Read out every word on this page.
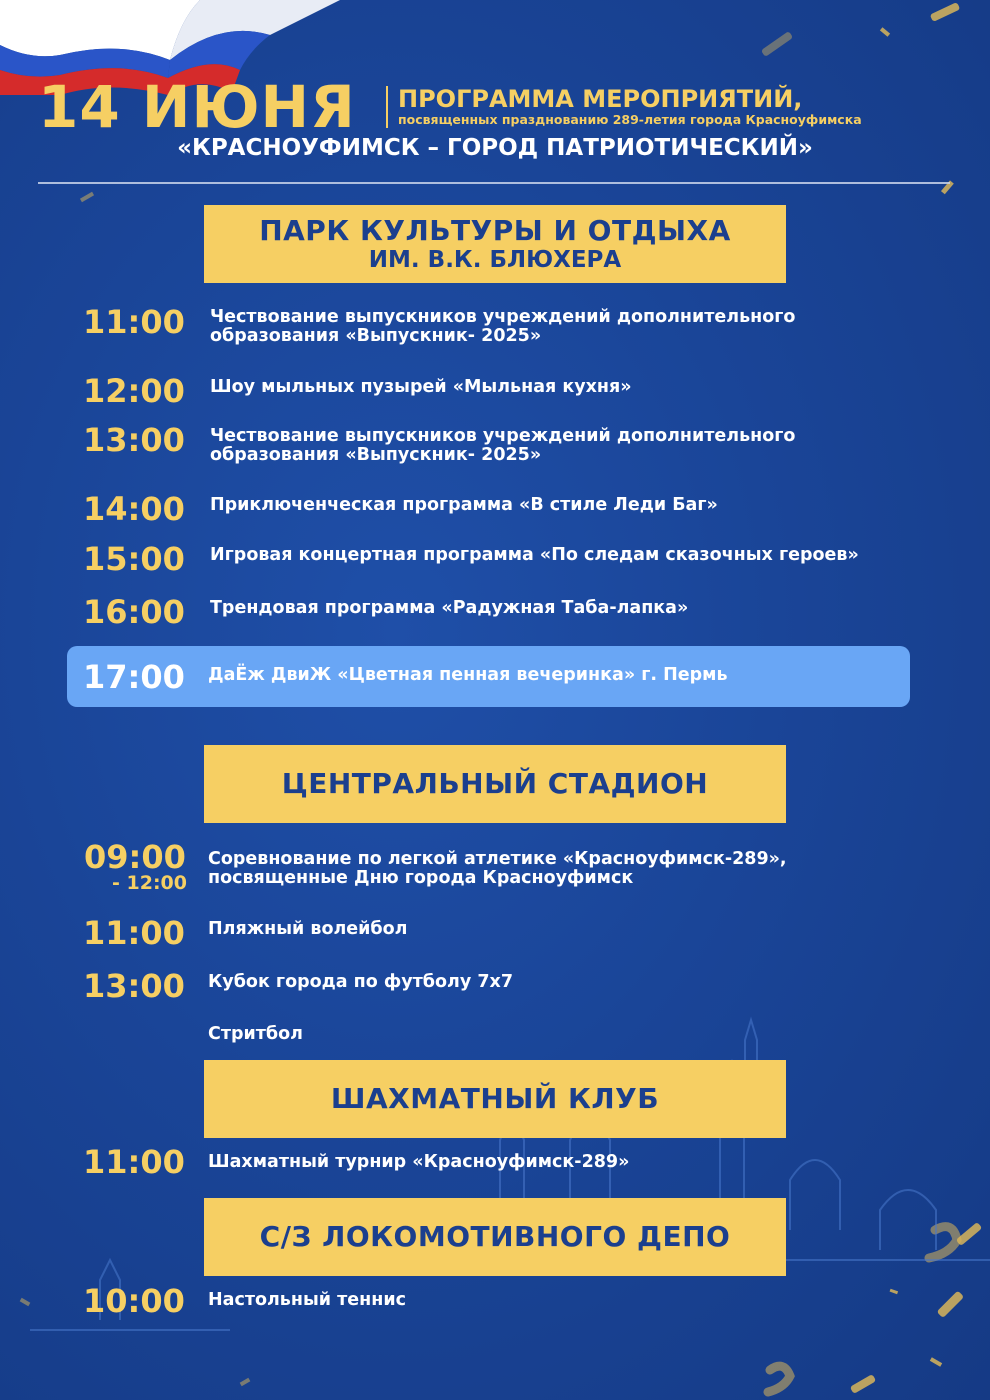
14 ИЮНЯ ПРОГРАММА МЕРОПРИЯТИЙ,
посвященных празднованию 289-летия города Красноуфимска
«КРАСНОУФИМСК – ГОРОД ПАТРИОТИЧЕСКИЙ»
ПАРК КУЛЬТУРЫ И ОТДЫХА
ИМ. В.К. БЛЮХЕРА
11:00 Чествование выпускников учреждений дополнительного
образования «Выпускник- 2025»
12:00 Шоу мыльных пузырей «Мыльная кухня»
13:00 Чествование выпускников учреждений дополнительного
образования «Выпускник- 2025»
14:00 Приключенческая программа «В стиле Леди Баг»
15:00 Игровая концертная программа «По следам сказочных героев»
16:00 Трендовая программа «Радужная Таба-лапка»
17:00 ДаЁж ДвиЖ «Цветная пенная вечеринка» г. Пермь
ЦЕНТРАЛЬНЫЙ СТАДИОН
09:00
- 12:00
Соревнование по легкой атлетике «Красноуфимск-289»,
посвященные Дню города Красноуфимск
11:00 Пляжный волейбол
13:00 Кубок города по футболу 7х7
Стритбол
ШАХМАТНЫЙ КЛУБ
11:00 Шахматный турнир «Красноуфимск-289»
С/З ЛОКОМОТИВНОГО ДЕПО
10:00 Настольный теннис
